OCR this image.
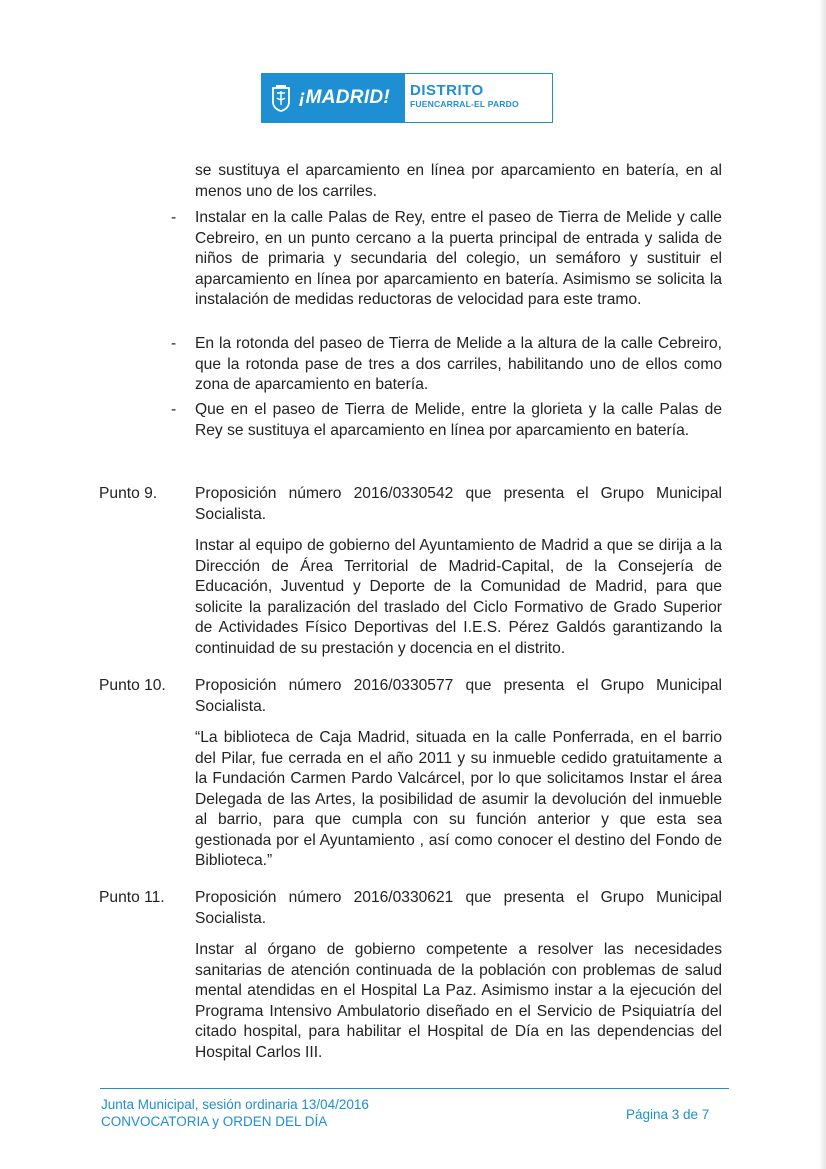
¡MADRID! DISTRITO
FUENCARRAL-EL PARDO

se sustituya el aparcamiento en línea por aparcamiento en batería, en al menos uno de los carriles.

- Instalar en la calle Palas de Rey, entre el paseo de Tierra de Melide y calle Cebreiro, en un punto cercano a la puerta principal de entrada y salida de niños de primaria y secundaria del colegio, un semáforo y sustituir el aparcamiento en línea por aparcamiento en batería. Asimismo se solicita la instalación de medidas reductoras de velocidad para este tramo.

- En la rotonda del paseo de Tierra de Melide a la altura de la calle Cebreiro, que la rotonda pase de tres a dos carriles, habilitando uno de ellos como zona de aparcamiento en batería.

- Que en el paseo de Tierra de Melide, entre la glorieta y la calle Palas de Rey se sustituya el aparcamiento en línea por aparcamiento en batería.

Punto 9. Proposición número 2016/0330542 que presenta el Grupo Municipal Socialista.

Instar al equipo de gobierno del Ayuntamiento de Madrid a que se dirija a la Dirección de Área Territorial de Madrid-Capital, de la Consejería de Educación, Juventud y Deporte de la Comunidad de Madrid, para que solicite la paralización del traslado del Ciclo Formativo de Grado Superior de Actividades Físico Deportivas del I.E.S. Pérez Galdós garantizando la continuidad de su prestación y docencia en el distrito.

Punto 10. Proposición número 2016/0330577 que presenta el Grupo Municipal Socialista.

“La biblioteca de Caja Madrid, situada en la calle Ponferrada, en el barrio del Pilar, fue cerrada en el año 2011 y su inmueble cedido gratuitamente a la Fundación Carmen Pardo Valcárcel, por lo que solicitamos Instar el área Delegada de las Artes, la posibilidad de asumir la devolución del inmueble al barrio, para que cumpla con su función anterior y que esta sea gestionada por el Ayuntamiento , así como conocer el destino del Fondo de Biblioteca.”

Punto 11. Proposición número 2016/0330621 que presenta el Grupo Municipal Socialista.

Instar al órgano de gobierno competente a resolver las necesidades sanitarias de atención continuada de la población con problemas de salud mental atendidas en el Hospital La Paz. Asimismo instar a la ejecución del Programa Intensivo Ambulatorio diseñado en el Servicio de Psiquiatría del citado hospital, para habilitar el Hospital de Día en las dependencias del Hospital Carlos III.

Junta Municipal, sesión ordinaria 13/04/2016
CONVOCATORIA y ORDEN DEL DÍA	Página 3 de 7
